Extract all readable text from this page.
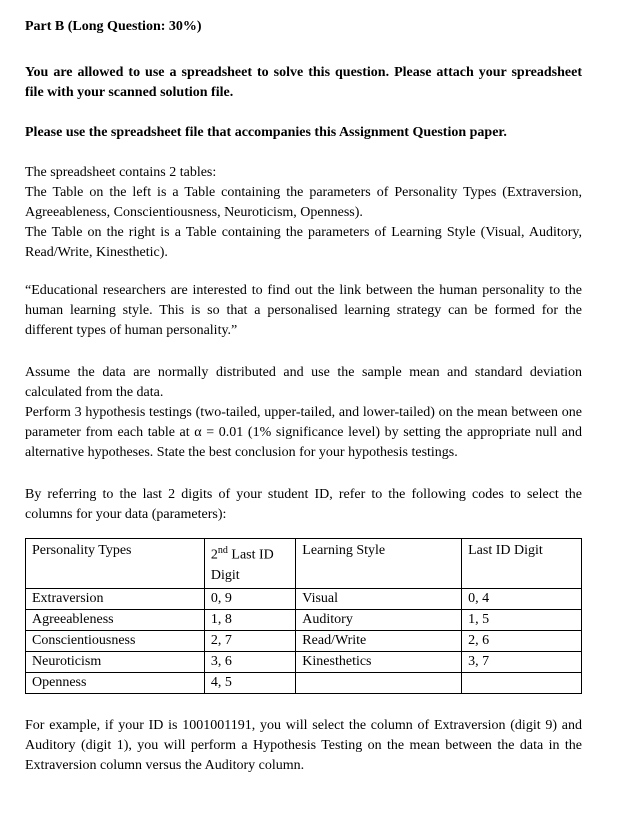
Part B (Long Question: 30%)

You are allowed to use a spreadsheet to solve this question. Please attach your spreadsheet file with your scanned solution file.

Please use the spreadsheet file that accompanies this Assignment Question paper.

The spreadsheet contains 2 tables:

The Table on the left is a Table containing the parameters of Personality Types (Extraversion, Agreeableness, Conscientiousness, Neuroticism, Openness).

The Table on the right is a Table containing the parameters of Learning Style (Visual, Auditory, Read/Write, Kinesthetic).

“Educational researchers are interested to find out the link between the human personality to the human learning style. This is so that a personalised learning strategy can be formed for the different types of human personality.”

Assume the data are normally distributed and use the sample mean and standard deviation calculated from the data.

Perform 3 hypothesis testings (two-tailed, upper-tailed, and lower-tailed) on the mean between one parameter from each table at α = 0.01 (1% significance level) by setting the appropriate null and alternative hypotheses. State the best conclusion for your hypothesis testings.

By referring to the last 2 digits of your student ID, refer to the following codes to select the columns for your data (parameters):

Personality Types	2nd Last ID Digit	Learning Style	Last ID Digit
Extraversion	0, 9	Visual	0, 4
Agreeableness	1, 8	Auditory	1, 5
Conscientiousness	2, 7	Read/Write	2, 6
Neuroticism	3, 6	Kinesthetics	3, 7
Openness	4, 5		

For example, if your ID is 1001001191, you will select the column of Extraversion (digit 9) and Auditory (digit 1), you will perform a Hypothesis Testing on the mean between the data in the Extraversion column versus the Auditory column.
